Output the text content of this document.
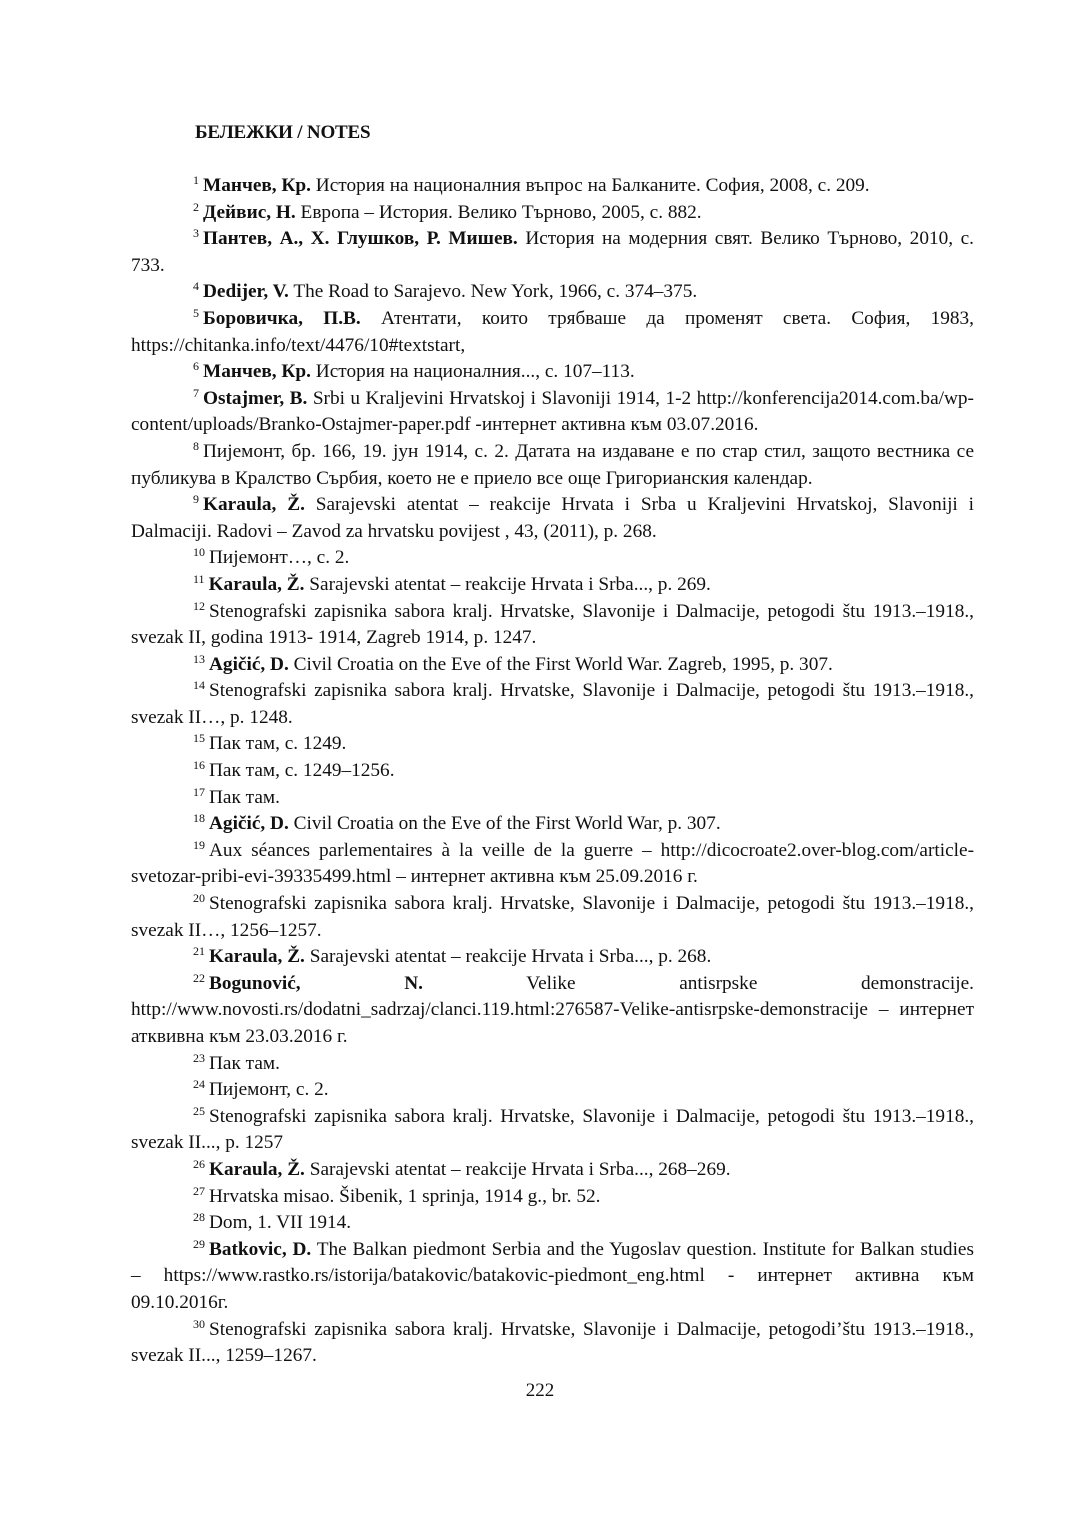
БЕЛЕЖКИ / NOTES

$^1$ Манчев, Кр. История на националния въпрос на Балканите. София, 2008, с. 209.

$^2$ Дейвис, Н. Европа – История. Велико Търново, 2005, с. 882.

$^3$ Пантев, А., Х. Глушков, Р. Мишев. История на модерния свят. Велико Търново, 2010, с. 733.

$^4$ Dedijer, V. The Road to Sarajevo. New York, 1966, с. 374–375.

$^5$ Боровичка, П.В. Атентати, които трябваше да променят света. София, 1983, https://chitanka.info/text/4476/10#textstart,

$^6$ Манчев, Кр. История на националния..., с. 107–113.

$^7$ Ostajmer, B. Srbi u Kraljevini Hrvatskoj i Slavoniji 1914, 1-2 http://konferencija2014.com.ba/wp-content/uploads/Branko-Ostajmer-paper.pdf -интернет активна към 03.07.2016.

$^8$ Пијемонт, бр. 166, 19. јун 1914, с. 2. Датата на издаване е по стар стил, защото вестника се публикува в Кралство Сърбия, което не е приело все още Григорианския календар.

$^9$ Karaula, Ž. Sarajevski atentat – reakcije Hrvata i Srba u Kraljevini Hrvatskoj, Slavoniji i Dalmaciji. Radovi – Zavod za hrvatsku povijest , 43, (2011), p. 268.

$^{10}$ Пијемонт…, с. 2.

$^{11}$ Karaula, Ž. Sarajevski atentat – reakcije Hrvata i Srba..., p. 269.

$^{12}$ Stenografski zapisnika sabora kralj. Hrvatske, Slavonije i Dalmacije, petogodi štu 1913.–1918., svezak II, godina 1913- 1914, Zagreb 1914, p. 1247.

$^{13}$ Agičić, D. Civil Croatia on the Eve of the First World War. Zagreb, 1995, p. 307.

$^{14}$ Stenografski zapisnika sabora kralj. Hrvatske, Slavonije i Dalmacije, petogodi štu 1913.–1918., svezak II…, p. 1248.

$^{15}$ Пак там, с. 1249.

$^{16}$ Пак там, с. 1249–1256.

$^{17}$ Пак там.

$^{18}$ Agičić, D. Civil Croatia on the Eve of the First World War, p. 307.

$^{19}$ Aux séances parlementaires à la veille de la guerre – http://dicocroate2.over-blog.com/article-svetozar-pribi-evi-39335499.html – интернет активна към 25.09.2016 г.

$^{20}$ Stenografski zapisnika sabora kralj. Hrvatske, Slavonije i Dalmacije, petogodi štu 1913.–1918., svezak II…, 1256–1257.

$^{21}$ Karaula, Ž. Sarajevski atentat – reakcije Hrvata i Srba..., p. 268.

$^{22}$ Bogunović, N.	Velike antisrpske demonstracije. http://www.novosti.rs/dodatni_sadrzaj/clanci.119.html:276587-Velike-antisrpske-demonstracije – интернет атквивна към 23.03.2016 г.

$^{23}$ Пак там.

$^{24}$ Пијемонт, с. 2.

$^{25}$ Stenografski zapisnika sabora kralj. Hrvatske, Slavonije i Dalmacije, petogodi štu 1913.–1918., svezak II..., p. 1257

$^{26}$ Karaula, Ž. Sarajevski atentat – reakcije Hrvata i Srba..., 268–269.

$^{27}$ Hrvatska misao. Šibenik, 1 sprinja, 1914 g., br. 52.

$^{28}$ Dom, 1. VII 1914.

$^{29}$ Batkovic, D. The Balkan piedmont Serbia and the Yugoslav question. Institute for Balkan studies – https://www.rastko.rs/istorija/batakovic/batakovic-piedmont_eng.html - интернет активна към 09.10.2016г.

$^{30}$ Stenografski zapisnika sabora kralj. Hrvatske, Slavonije i Dalmacije, petogodi’štu 1913.–1918., svezak II..., 1259–1267.

222
